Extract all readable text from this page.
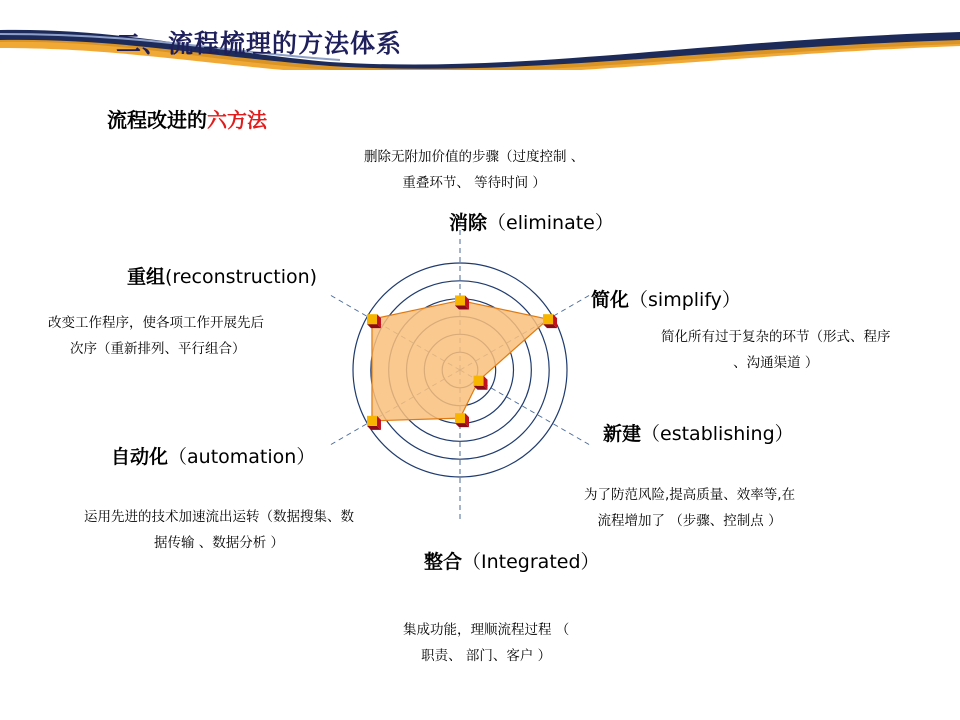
二、流程梳理的方法体系
流程改进的六方法
消除（eliminate）
简化（simplify）
新建（establishing）
整合（Integrated）
自动化（automation）
重组(reconstruction)
删除无附加价值的步骤（过度控制 、
重叠环节、 等待时间 ）
简化所有过于复杂的环节（形式、程序
、沟通渠道 ）
为了防范风险,提高质量、效率等,在
流程增加了 （步骤、控制点 ）
集成功能，理顺流程过程 （
职责、 部门、客户 ）
运用先进的技术加速流出运转（数据搜集、数
据传输 、数据分析 ）
改变工作程序，使各项工作开展先后
次序（重新排列、平行组合）
